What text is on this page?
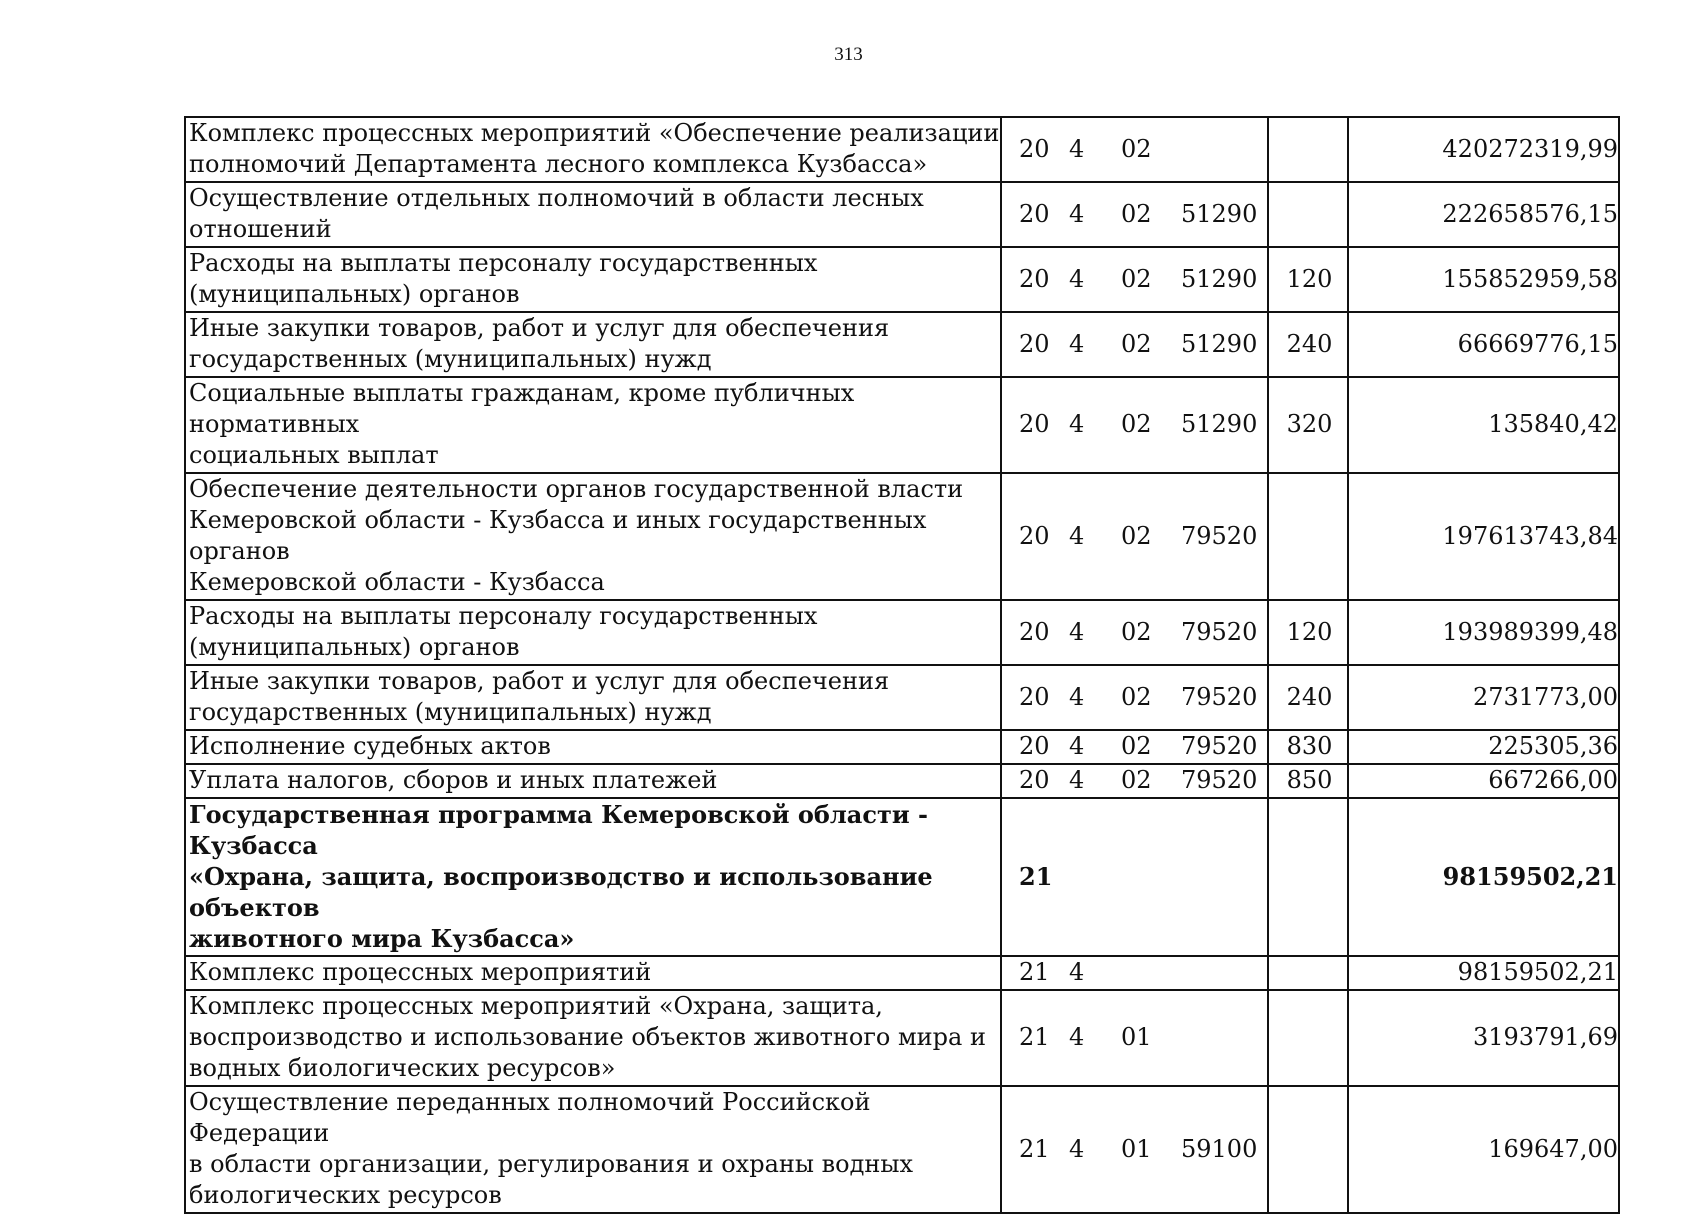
313
Комплекс процессных мероприятий «Обеспечение реализации
полномочий Департамента лесного комплекса Кузбасса»	20 4 02		420272319,99

Осуществление отдельных полномочий в области лесных
отношений	20 4 02 51290		222658576,15

Расходы на выплаты персоналу государственных
(муниципальных) органов	20 4 02 51290	120	155852959,58

Иные закупки товаров, работ и услуг для обеспечения
государственных (муниципальных) нужд	20 4 02 51290	240	66669776,15

Социальные выплаты гражданам, кроме публичных нормативных
социальных выплат	20 4 02 51290	320	135840,42

Обеспечение деятельности органов государственной власти
Кемеровской области - Кузбасса и иных государственных органов
Кемеровской области - Кузбасса	20 4 02 79520		197613743,84

Расходы на выплаты персоналу государственных
(муниципальных) органов	20 4 02 79520	120	193989399,48

Иные закупки товаров, работ и услуг для обеспечения
государственных (муниципальных) нужд	20 4 02 79520	240	2731773,00

Исполнение судебных актов	20 4 02 79520	830	225305,36

Уплата налогов, сборов и иных платежей	20 4 02 79520	850	667266,00

Государственная программа Кемеровской области - Кузбасса
«Охрана, защита, воспроизводство и использование объектов
животного мира Кузбасса»	21		98159502,21

Комплекс процессных мероприятий	21 4		98159502,21

Комплекс процессных мероприятий «Охрана, защита,
воспроизводство и использование объектов животного мира и
водных биологических ресурсов»	21 4 01		3193791,69

Осуществление переданных полномочий Российской Федерации
в области организации, регулирования и охраны водных
биологических ресурсов	21 4 01 59100		169647,00
